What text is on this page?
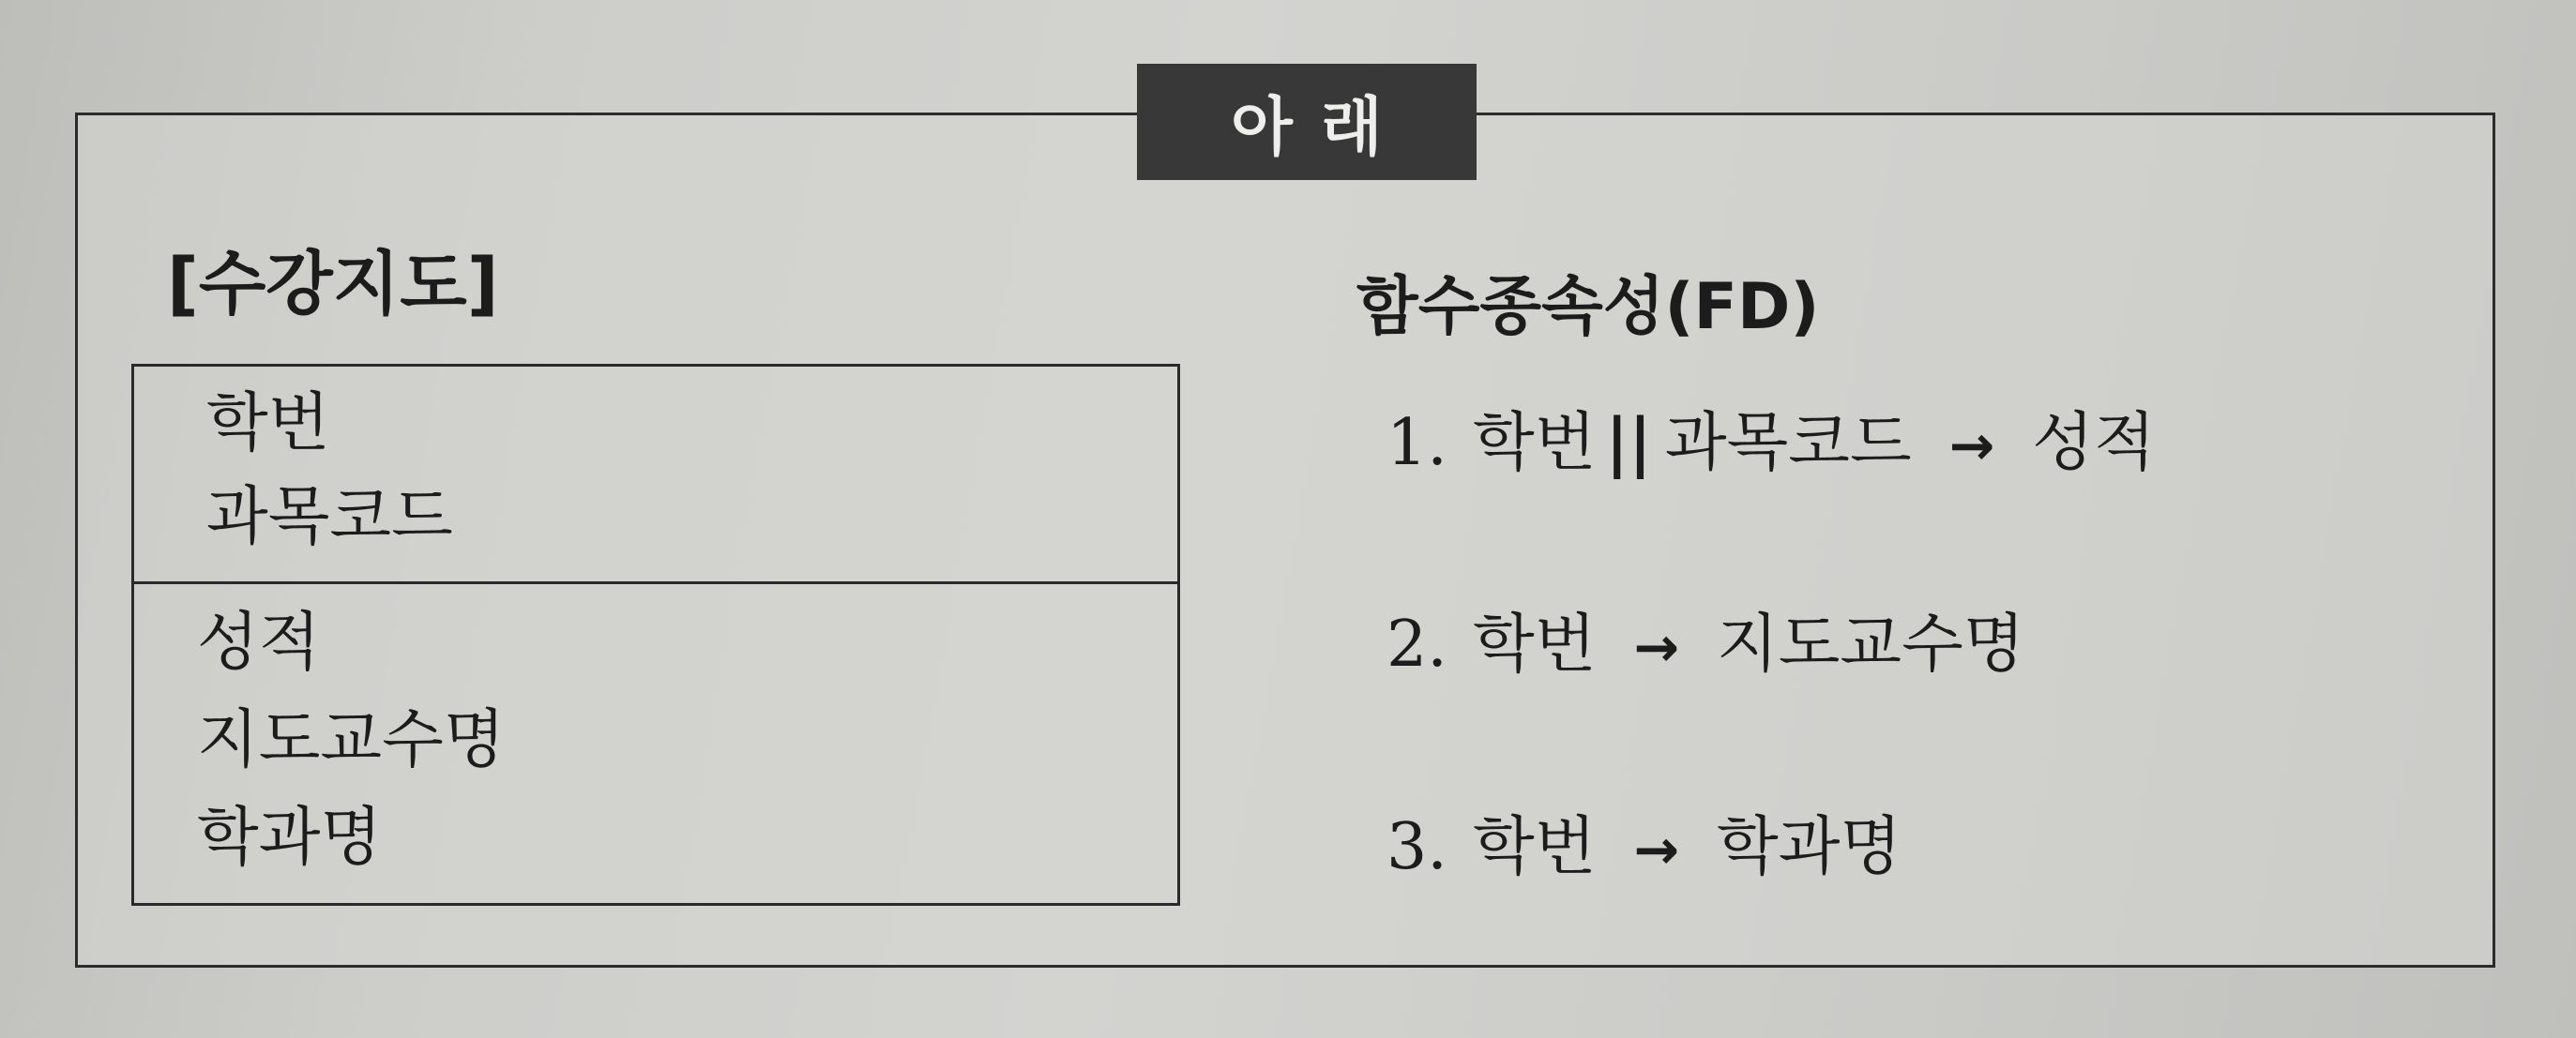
아래
[수강지도]
학번
과목코드
성적
지도교수명
학과명
함수종속성(FD)
1. 학번 || 과목코드 → 성적
2. 학번 → 지도교수명
3. 학번 → 학과명
